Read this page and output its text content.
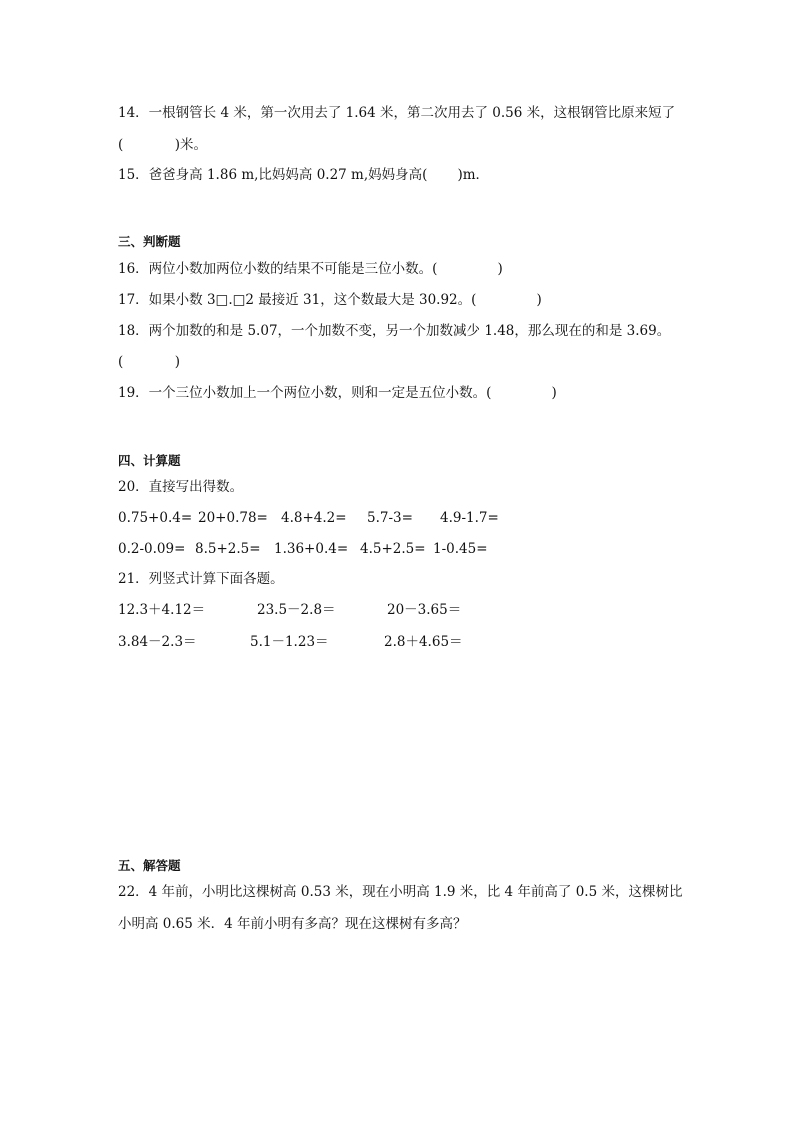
14．一根钢管长 4 米，第一次用去了 1.64 米，第二次用去了 0.56 米，这根钢管比原来短了
(            )米。
15．爸爸身高 1.86 m,比妈妈高 0.27 m,妈妈身高(       )m．
三、判断题
16．两位小数加两位小数的结果不可能是三位小数。(              )
17．如果小数 3□.□2 最接近 31，这个数最大是 30.92。(              )
18．两个加数的和是 5.07，一个加数不变，另一个加数减少 1.48，那么现在的和是 3.69。
(            )
19．一个三位小数加上一个两位小数，则和一定是五位小数。(              )
四、计算题
20．直接写出得数。
0.75+0.4= 20+0.78= 4.8+4.2= 5.7-3= 4.9-1.7=
0.2-0.09= 8.5+2.5= 1.36+0.4= 4.5+2.5= 1-0.45=
21．列竖式计算下面各题。
12.3＋4.12＝	23.5－2.8＝	20－3.65＝
3.84－2.3＝	5.1－1.23＝	2.8＋4.65＝
五、解答题
22．4 年前，小明比这棵树高 0.53 米，现在小明高 1.9 米，比 4 年前高了 0.5 米，这棵树比
小明高 0.65 米．4 年前小明有多高？现在这棵树有多高？
